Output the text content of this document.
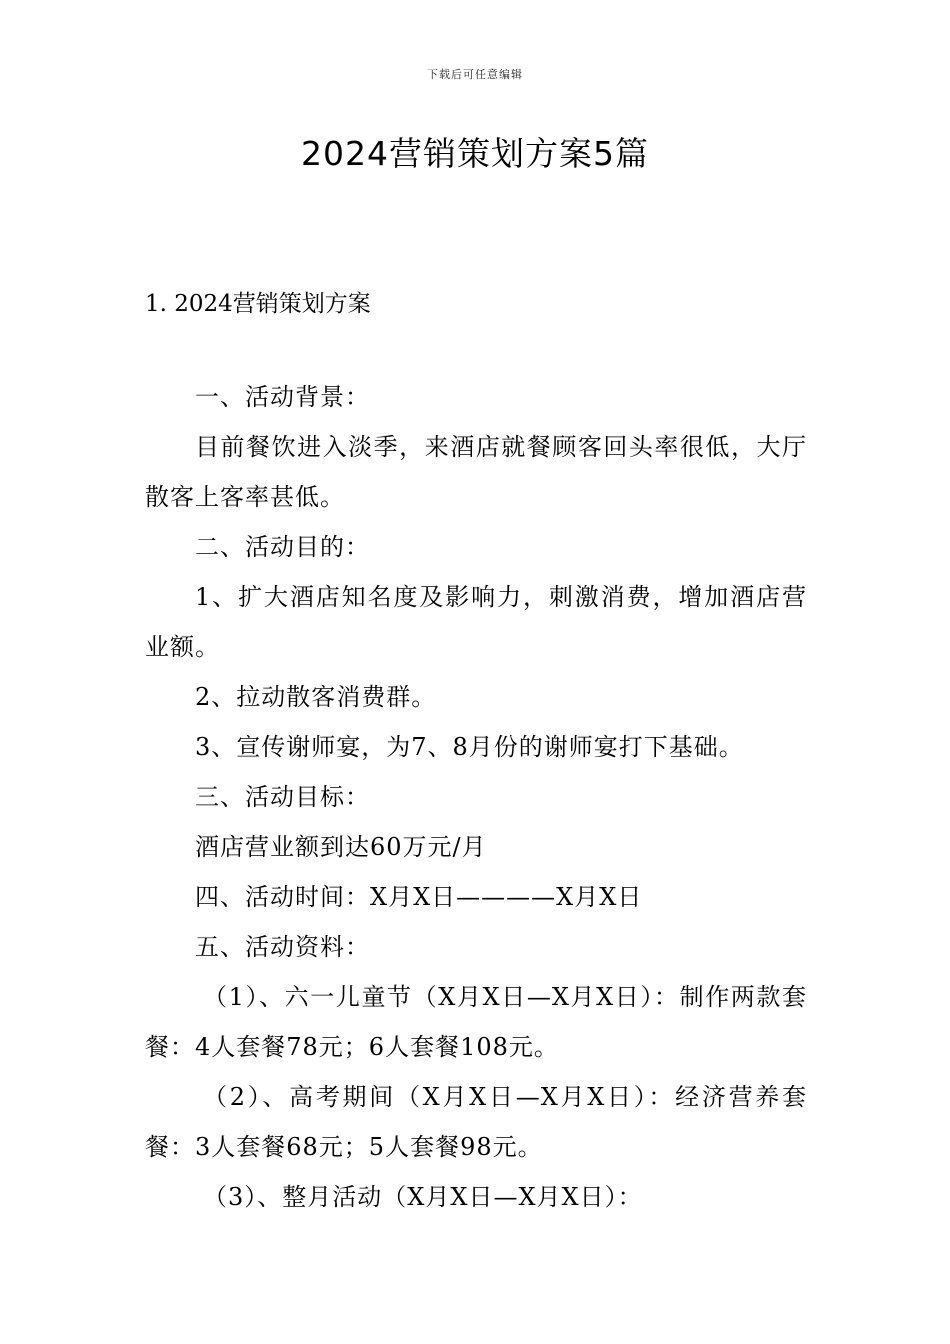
下载后可任意编辑
2024营销策划方案5篇
1. 2024营销策划方案

一、活动背景：

目前餐饮进入淡季，来酒店就餐顾客回头率很低，大厅散客上客率甚低。

二、活动目的：

1、扩大酒店知名度及影响力，刺激消费，增加酒店营业额。

2、拉动散客消费群。

3、宣传谢师宴，为7、8月份的谢师宴打下基础。

三、活动目标：

酒店营业额到达60万元/月

四、活动时间：X月X日————X月X日

五、活动资料：

（1）、六一儿童节（X月X日—X月X日）：制作两款套餐：4人套餐78元；6人套餐108元。

（2）、高考期间（X月X日—X月X日）：经济营养套餐：3人套餐68元；5人套餐98元。

（3）、整月活动（X月X日—X月X日）：
